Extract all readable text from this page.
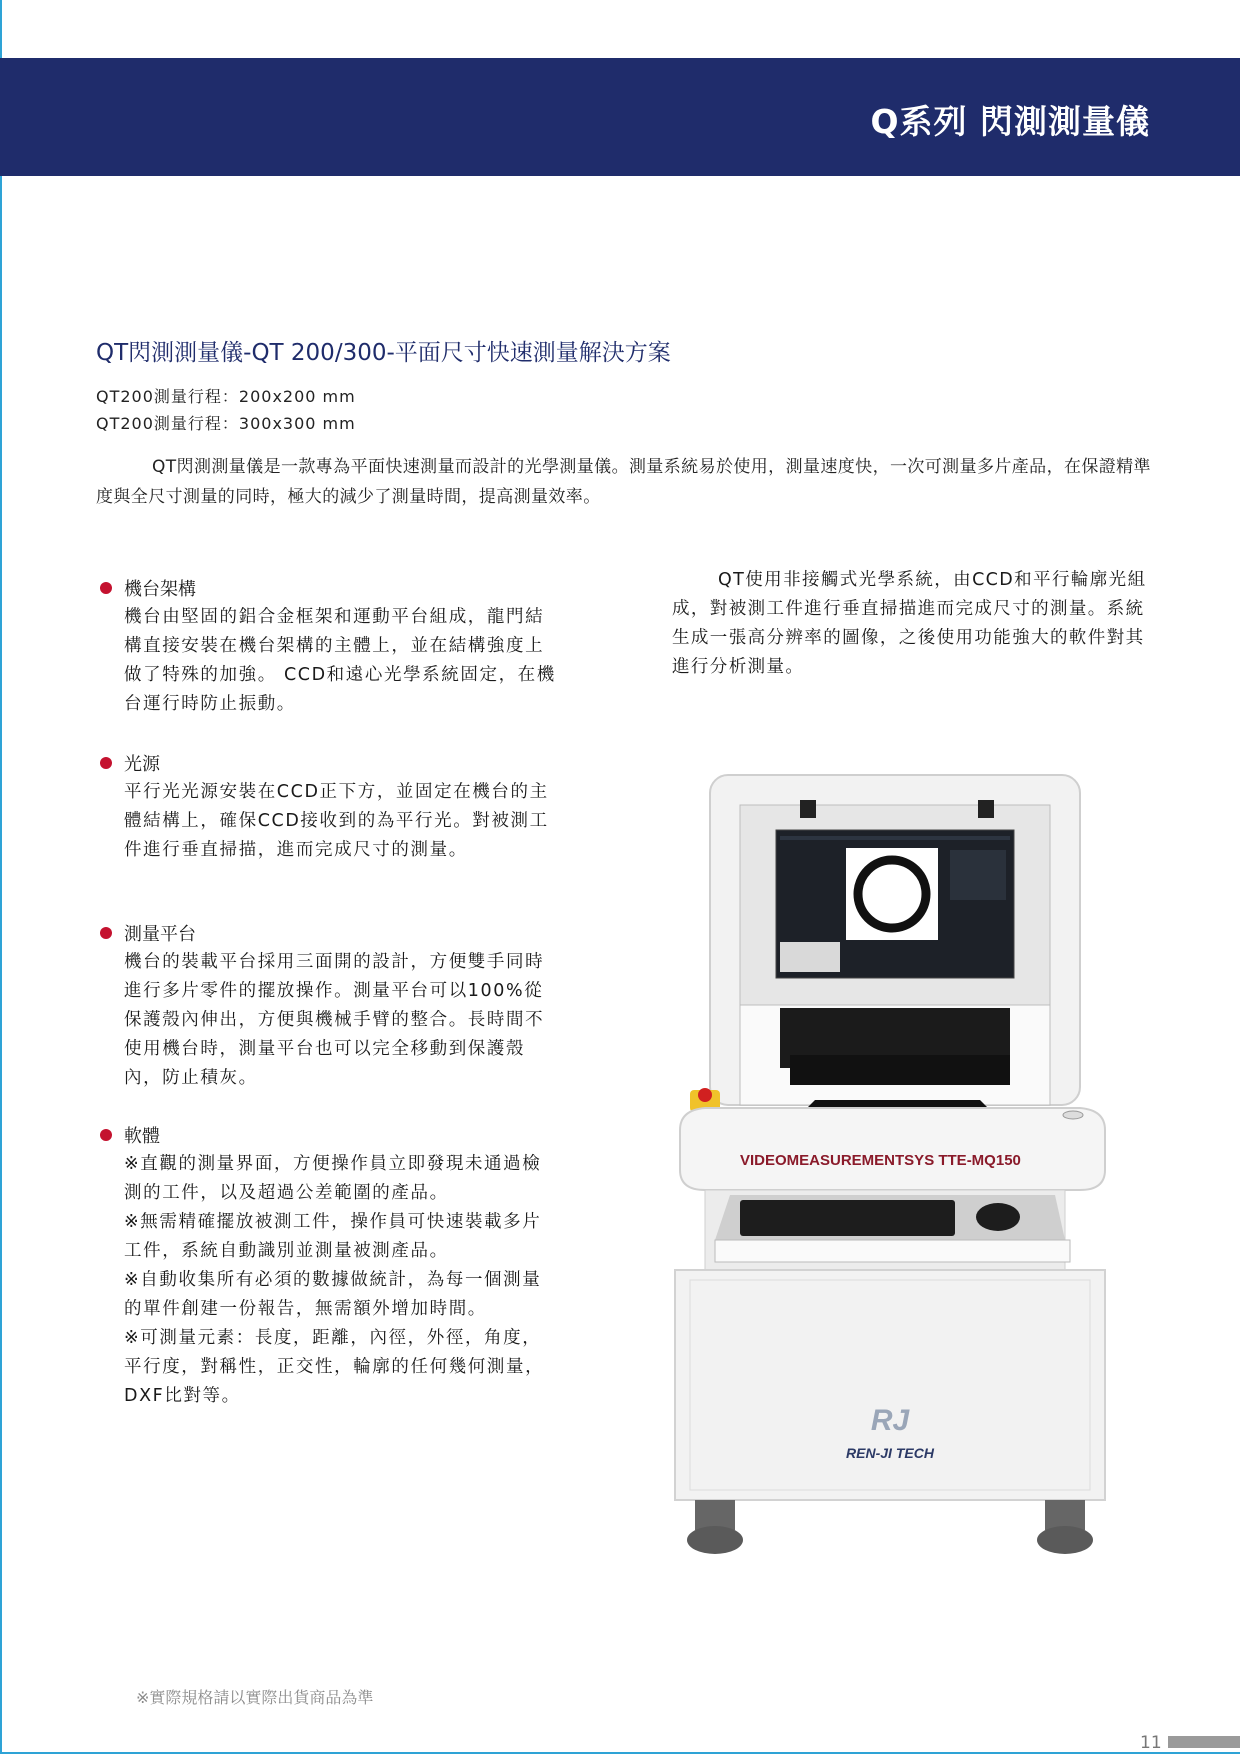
Q系列 閃測測量儀
QT閃測測量儀-QT 200/300-平面尺寸快速測量解決方案
QT200測量行程：200x200 mm
QT200測量行程：300x300 mm
QT閃測測量儀是一款專為平面快速測量而設計的光學測量儀。測量系統易於使用，測量速度快，一次可測量多片產品，在保證精準度與全尺寸測量的同時，極大的減少了測量時間，提高測量效率。
機台架構

機台由堅固的鋁合金框架和運動平台組成，龍門結構直接安裝在機台架構的主體上，並在結構強度上做了特殊的加強。 CCD和遠心光學系統固定，在機台運行時防止振動。

光源

平行光光源安裝在CCD正下方，並固定在機台的主體結構上，確保CCD接收到的為平行光。對被測工件進行垂直掃描，進而完成尺寸的測量。

測量平台

機台的裝載平台採用三面開的設計，方便雙手同時進行多片零件的擺放操作。測量平台可以100%從保護殼內伸出，方便與機械手臂的整合。長時間不使用機台時，測量平台也可以完全移動到保護殼內，防止積灰。

軟體

※直觀的測量界面，方便操作員立即發現未通過檢測的工件，以及超過公差範圍的產品。

※無需精確擺放被測工件，操作員可快速裝載多片工件，系統自動識別並測量被測產品。

※自動收集所有必須的數據做統計，為每一個測量的單件創建一份報告，無需額外增加時間。

※可測量元素：長度，距離，內徑，外徑，角度，平行度，對稱性，正交性，輪廓的任何幾何測量，DXF比對等。

QT使用非接觸式光學系統，由CCD和平行輪廓光組成，對被測工件進行垂直掃描進而完成尺寸的測量。系統生成一張高分辨率的圖像，之後使用功能強大的軟件對其進行分析測量。
VIDEOMEASUREMENTSYS TTE-MQ150
RJ
REN-JI TECH
※實際規格請以實際出貨商品為準
11
